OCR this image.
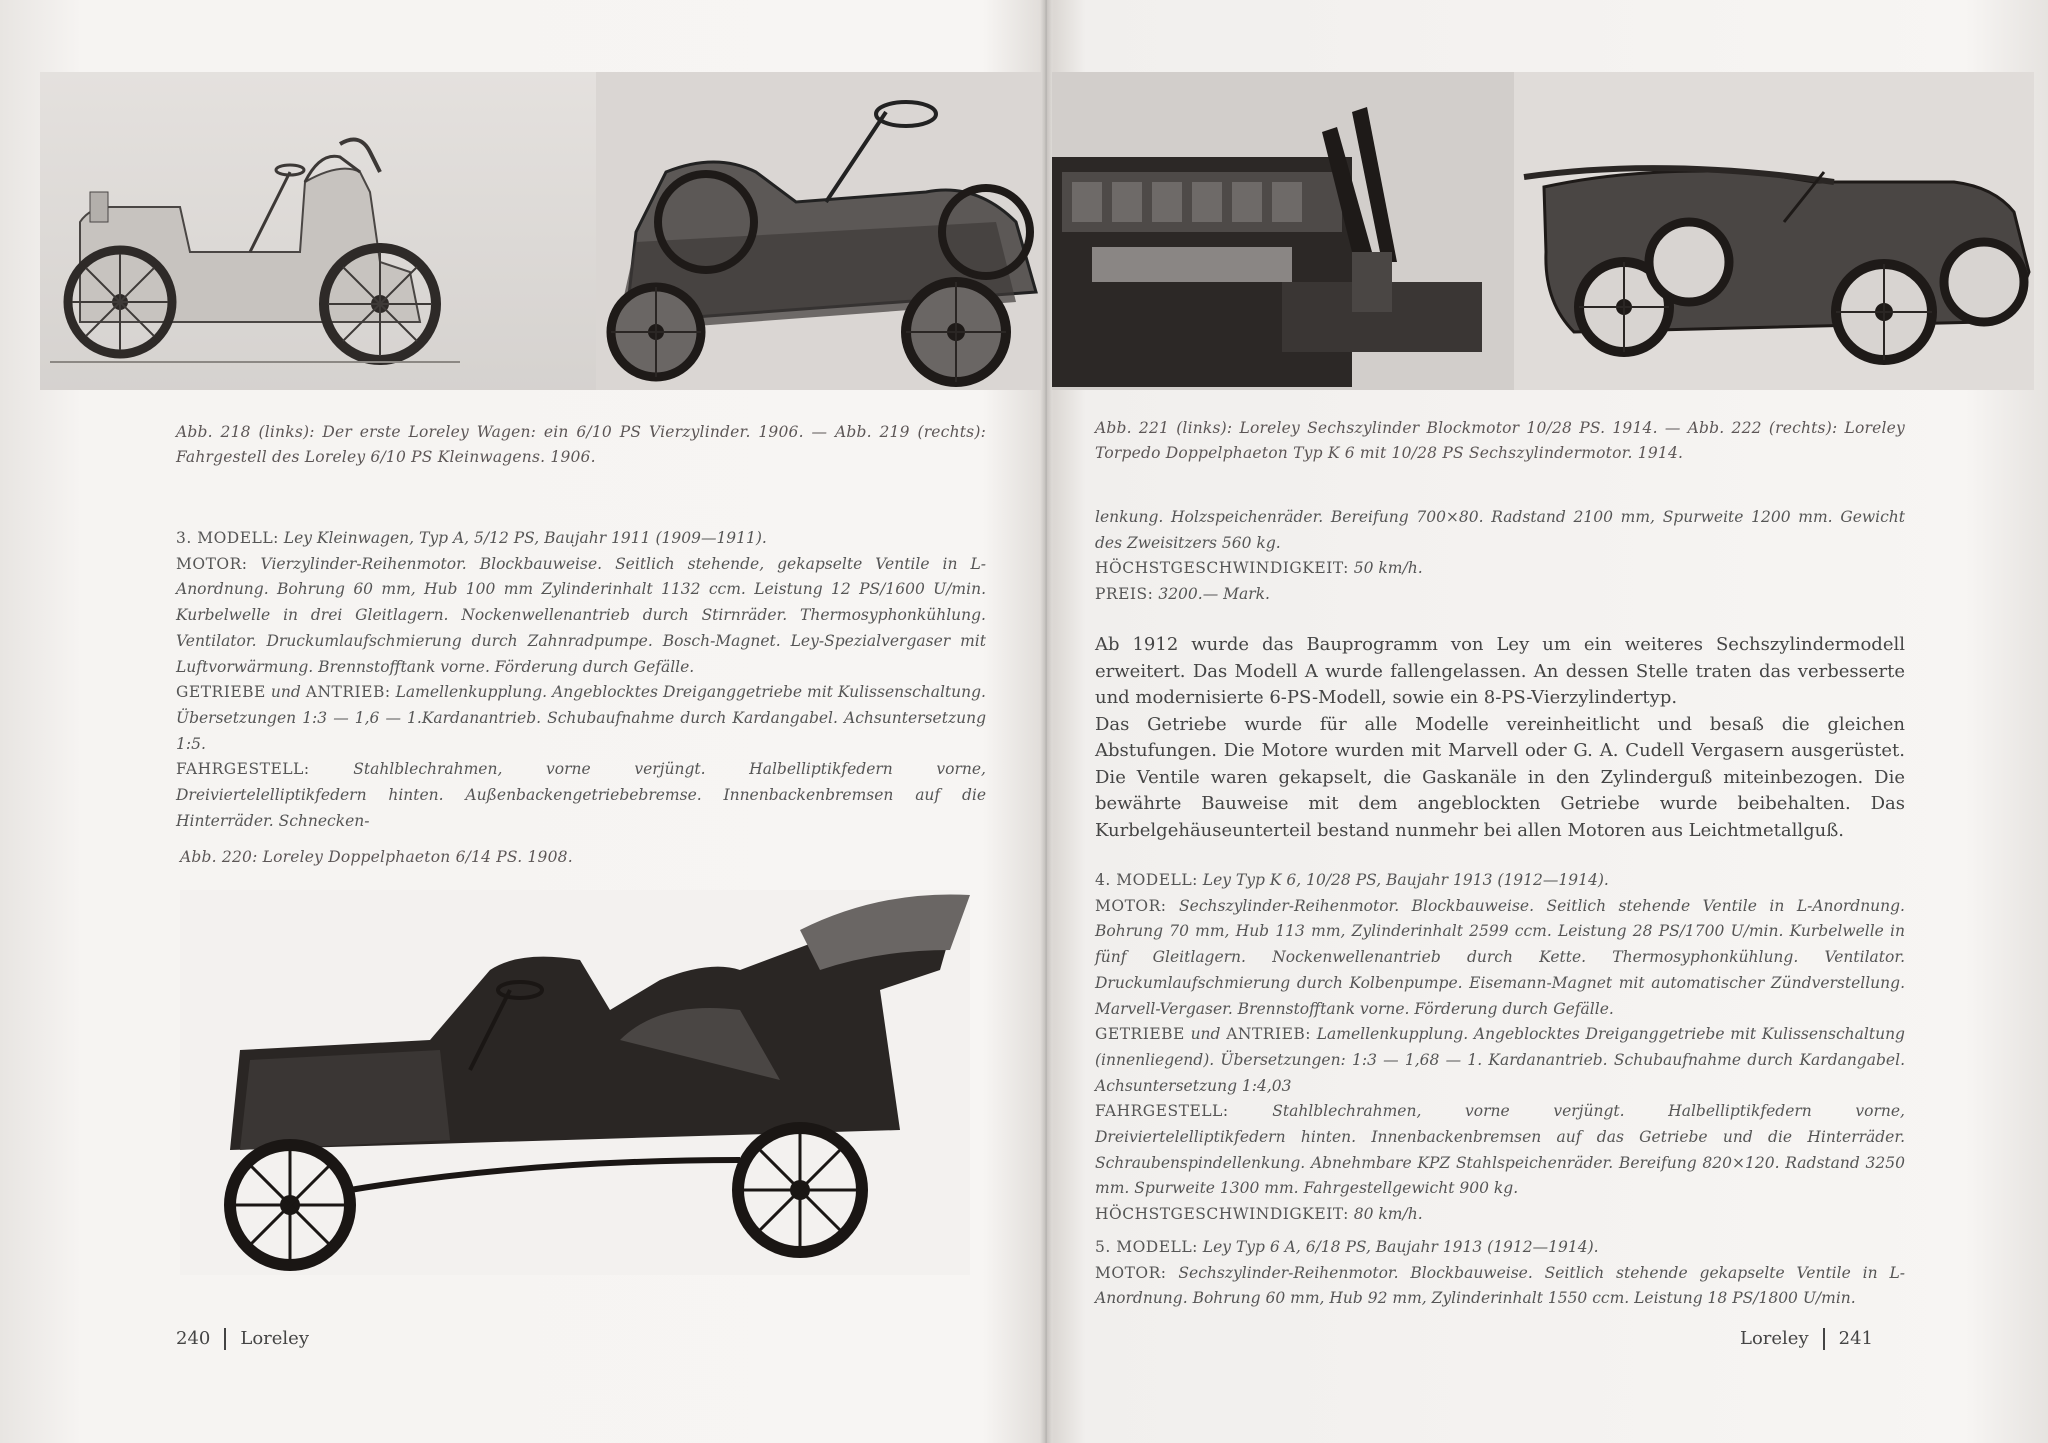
Abb. 218 (links): Der erste Loreley Wagen: ein 6/10 PS Vierzylinder. 1906. — Abb. 219 (rechts): Fahrgestell des Loreley 6/10 PS Kleinwagens. 1906.

3. MODELL: Ley Kleinwagen, Typ A, 5/12 PS, Baujahr 1911 (1909—1911).

MOTOR: Vierzylinder-Reihenmotor. Blockbauweise. Seitlich stehende, gekapselte Ventile in L-Anordnung. Bohrung 60 mm, Hub 100 mm Zylinderinhalt 1132 ccm. Leistung 12 PS/1600 U/min. Kurbelwelle in drei Gleitlagern. Nockenwellenantrieb durch Stirnräder. Thermosyphonkühlung. Ventilator. Druckumlaufschmierung durch Zahnradpumpe. Bosch-Magnet. Ley-Spezialvergaser mit Luftvorwärmung. Brennstofftank vorne. Förderung durch Gefälle.

GETRIEBE und ANTRIEB: Lamellenkupplung. Angeblocktes Dreiganggetriebe mit Kulissenschaltung. Übersetzungen 1:3 — 1,6 — 1.Kardanantrieb. Schubaufnahme durch Kardangabel. Achsuntersetzung 1:5.

FAHRGESTELL:	Stahlblechrahmen, vorne verjüngt. Halbelliptikfedern vorne, Dreiviertelelliptikfedern hinten. Außenbackengetriebebremse. Innenbackenbremsen auf die Hinterräder. Schnecken-

Abb. 220: Loreley Doppelphaeton 6/14 PS. 1908.
240 Loreley
Abb. 221 (links): Loreley Sechszylinder Blockmotor 10/28 PS. 1914. — Abb. 222 (rechts): Loreley Torpedo Doppelphaeton Typ K 6 mit 10/28 PS Sechszylindermotor. 1914.

lenkung. Holzspeichenräder. Bereifung 700×80. Radstand 2100 mm, Spurweite 1200 mm. Gewicht des Zweisitzers 560 kg.

HÖCHSTGESCHWINDIGKEIT: 50 km/h.

PREIS: 3200.— Mark.

Ab 1912 wurde das Bauprogramm von Ley um ein weiteres Sechszylindermodell erweitert. Das Modell A wurde fallengelassen. An dessen Stelle traten das verbesserte und modernisierte 6-PS-Modell, sowie ein 8-PS-Vierzylindertyp.

Das Getriebe wurde für alle Modelle vereinheitlicht und besaß die gleichen Abstufungen. Die Motore wurden mit Marvell oder G. A. Cudell Vergasern ausgerüstet. Die Ventile waren gekapselt, die Gaskanäle in den Zylinderguß miteinbezogen. Die bewährte Bauweise mit dem angeblockten Getriebe wurde beibehalten. Das Kurbelgehäuseunterteil bestand nunmehr bei allen Motoren aus Leichtmetallguß.

4. MODELL: Ley Typ K 6, 10/28 PS, Baujahr 1913 (1912—1914).

MOTOR: Sechszylinder-Reihenmotor. Blockbauweise. Seitlich stehende Ventile in L-Anordnung. Bohrung 70 mm, Hub 113 mm, Zylinderinhalt 2599 ccm. Leistung 28 PS/1700 U/min. Kurbelwelle in fünf Gleitlagern. Nockenwellenantrieb durch Kette. Thermosyphonkühlung. Ventilator. Druckumlaufschmierung durch Kolbenpumpe. Eisemann-Magnet mit automatischer Zündverstellung. Marvell-Vergaser. Brennstofftank vorne. Förderung durch Gefälle.

GETRIEBE und ANTRIEB: Lamellenkupplung. Angeblocktes Dreiganggetriebe mit Kulissenschaltung (innenliegend). Übersetzungen: 1:3 — 1,68 — 1. Kardanantrieb. Schubaufnahme durch Kardangabel. Achsuntersetzung 1:4,03

FAHRGESTELL:	Stahlblechrahmen, vorne verjüngt. Halbelliptikfedern vorne, Dreiviertelelliptikfedern hinten. Innenbackenbremsen auf das Getriebe und die Hinterräder. Schraubenspindellenkung. Abnehmbare KPZ Stahlspeichenräder. Bereifung 820×120. Radstand 3250 mm. Spurweite 1300 mm. Fahrgestellgewicht 900 kg.

HÖCHSTGESCHWINDIGKEIT: 80 km/h.

5. MODELL: Ley Typ 6 A, 6/18 PS, Baujahr 1913 (1912—1914).

MOTOR: Sechszylinder-Reihenmotor. Blockbauweise. Seitlich stehende gekapselte Ventile in L-Anordnung. Bohrung 60 mm, Hub 92 mm, Zylinderinhalt 1550 ccm. Leistung 18 PS/1800 U/min.

Loreley 241
